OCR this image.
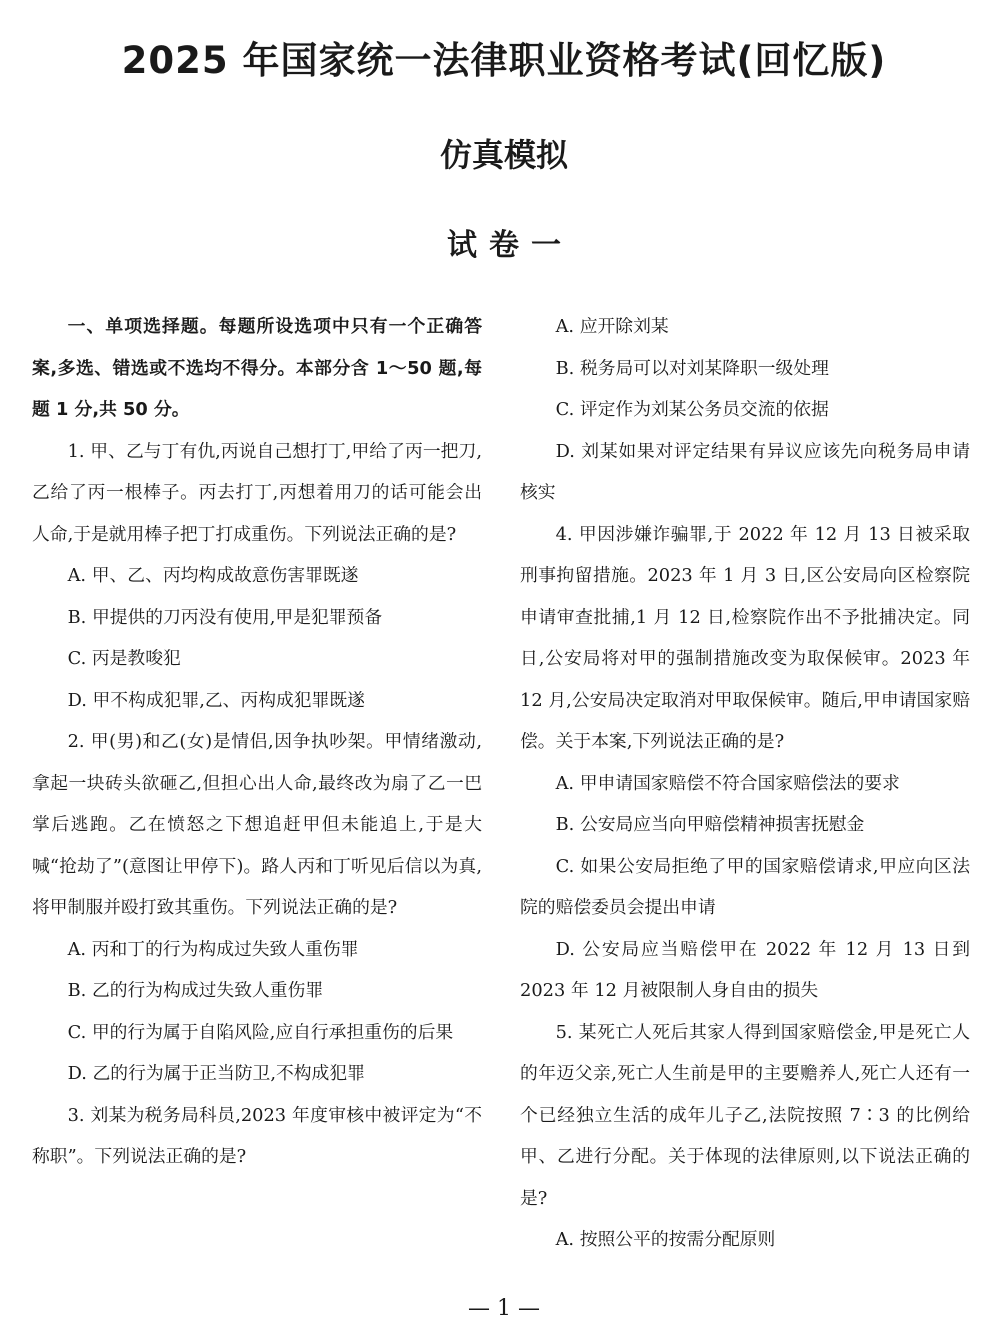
2025 年国家统一法律职业资格考试(回忆版)
仿真模拟
试卷一

一、单项选择题。每题所设选项中只有一个正确答案,多选、错选或不选均不得分。本部分含 1～50 题,每题 1 分,共 50 分。

1. 甲、乙与丁有仇,丙说自己想打丁,甲给了丙一把刀,乙给了丙一根棒子。丙去打丁,丙想着用刀的话可能会出人命,于是就用棒子把丁打成重伤。下列说法正确的是?

A. 甲、乙、丙均构成故意伤害罪既遂

B. 甲提供的刀丙没有使用,甲是犯罪预备

C. 丙是教唆犯

D. 甲不构成犯罪,乙、丙构成犯罪既遂

2. 甲(男)和乙(女)是情侣,因争执吵架。甲情绪激动,拿起一块砖头欲砸乙,但担心出人命,最终改为扇了乙一巴掌后逃跑。乙在愤怒之下想追赶甲但未能追上,于是大喊“抢劫了”(意图让甲停下)。路人丙和丁听见后信以为真,将甲制服并殴打致其重伤。下列说法正确的是?

A. 丙和丁的行为构成过失致人重伤罪

B. 乙的行为构成过失致人重伤罪

C. 甲的行为属于自陷风险,应自行承担重伤的后果

D. 乙的行为属于正当防卫,不构成犯罪

3. 刘某为税务局科员,2023 年度审核中被评定为“不称职”。下列说法正确的是?

A. 应开除刘某

B. 税务局可以对刘某降职一级处理

C. 评定作为刘某公务员交流的依据

D. 刘某如果对评定结果有异议应该先向税务局申请核实

4. 甲因涉嫌诈骗罪,于 2022 年 12 月 13 日被采取刑事拘留措施。2023 年 1 月 3 日,区公安局向区检察院申请审查批捕,1 月 12 日,检察院作出不予批捕决定。同日,公安局将对甲的强制措施改变为取保候审。2023 年 12 月,公安局决定取消对甲取保候审。随后,甲申请国家赔偿。关于本案,下列说法正确的是?

A. 甲申请国家赔偿不符合国家赔偿法的要求

B. 公安局应当向甲赔偿精神损害抚慰金

C. 如果公安局拒绝了甲的国家赔偿请求,甲应向区法院的赔偿委员会提出申请

D. 公安局应当赔偿甲在 2022 年 12 月 13 日到 2023 年 12 月被限制人身自由的损失

5. 某死亡人死后其家人得到国家赔偿金,甲是死亡人的年迈父亲,死亡人生前是甲的主要赡养人,死亡人还有一个已经独立生活的成年儿子乙,法院按照 7∶3 的比例给甲、乙进行分配。关于体现的法律原则,以下说法正确的是?

A. 按照公平的按需分配原则

— 1 —
